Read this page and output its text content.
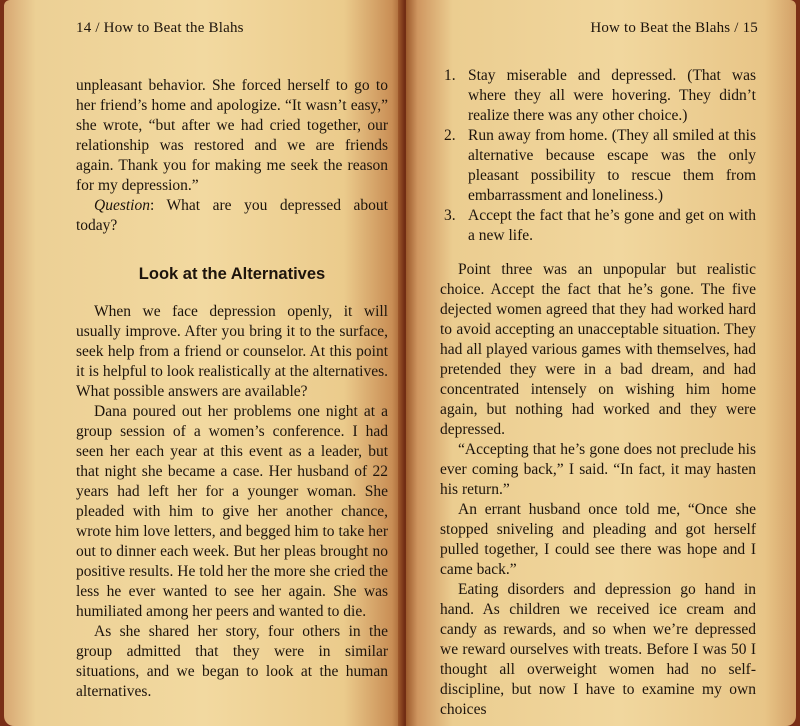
14 / How to Beat the Blahs

unpleasant behavior. She forced herself to go to her friend’s home and apologize. “It wasn’t easy,” she wrote, “but after we had cried together, our relationship was restored and we are friends again. Thank you for making me seek the reason for my depression.”

Question: What are you depressed about today?

Look at the Alternatives

When we face depression openly, it will usually improve. After you bring it to the surface, seek help from a friend or counselor. At this point it is helpful to look realistically at the alternatives. What possible answers are available?

Dana poured out her problems one night at a group session of a women’s conference. I had seen her each year at this event as a leader, but that night she became a case. Her husband of 22 years had left her for a younger woman. She pleaded with him to give her another chance, wrote him love letters, and begged him to take her out to dinner each week. But her pleas brought no positive results. He told her the more she cried the less he ever wanted to see her again. She was humiliated among her peers and wanted to die.

As she shared her story, four others in the group admitted that they were in similar situations, and we began to look at the human alternatives.

How to Beat the Blahs / 15
1. Stay miserable and depressed. (That was where they all were hovering. They didn’t realize there was any other choice.)
2. Run away from home. (They all smiled at this alternative because escape was the only pleasant possibility to rescue them from embarrassment and loneliness.)
3. Accept the fact that he’s gone and get on with a new life.

Point three was an unpopular but realistic choice. Accept the fact that he’s gone. The five dejected women agreed that they had worked hard to avoid accepting an unacceptable situation. They had all played various games with themselves, had pretended they were in a bad dream, and had concentrated intensely on wishing him home again, but nothing had worked and they were depressed.

“Accepting that he’s gone does not preclude his ever coming back,” I said. “In fact, it may hasten his return.”

An errant husband once told me, “Once she stopped sniveling and pleading and got herself pulled together, I could see there was hope and I came back.”

Eating disorders and depression go hand in hand. As children we received ice cream and candy as rewards, and so when we’re depressed we reward ourselves with treats. Before I was 50 I thought all overweight women had no self-discipline, but now I have to examine my own choices
